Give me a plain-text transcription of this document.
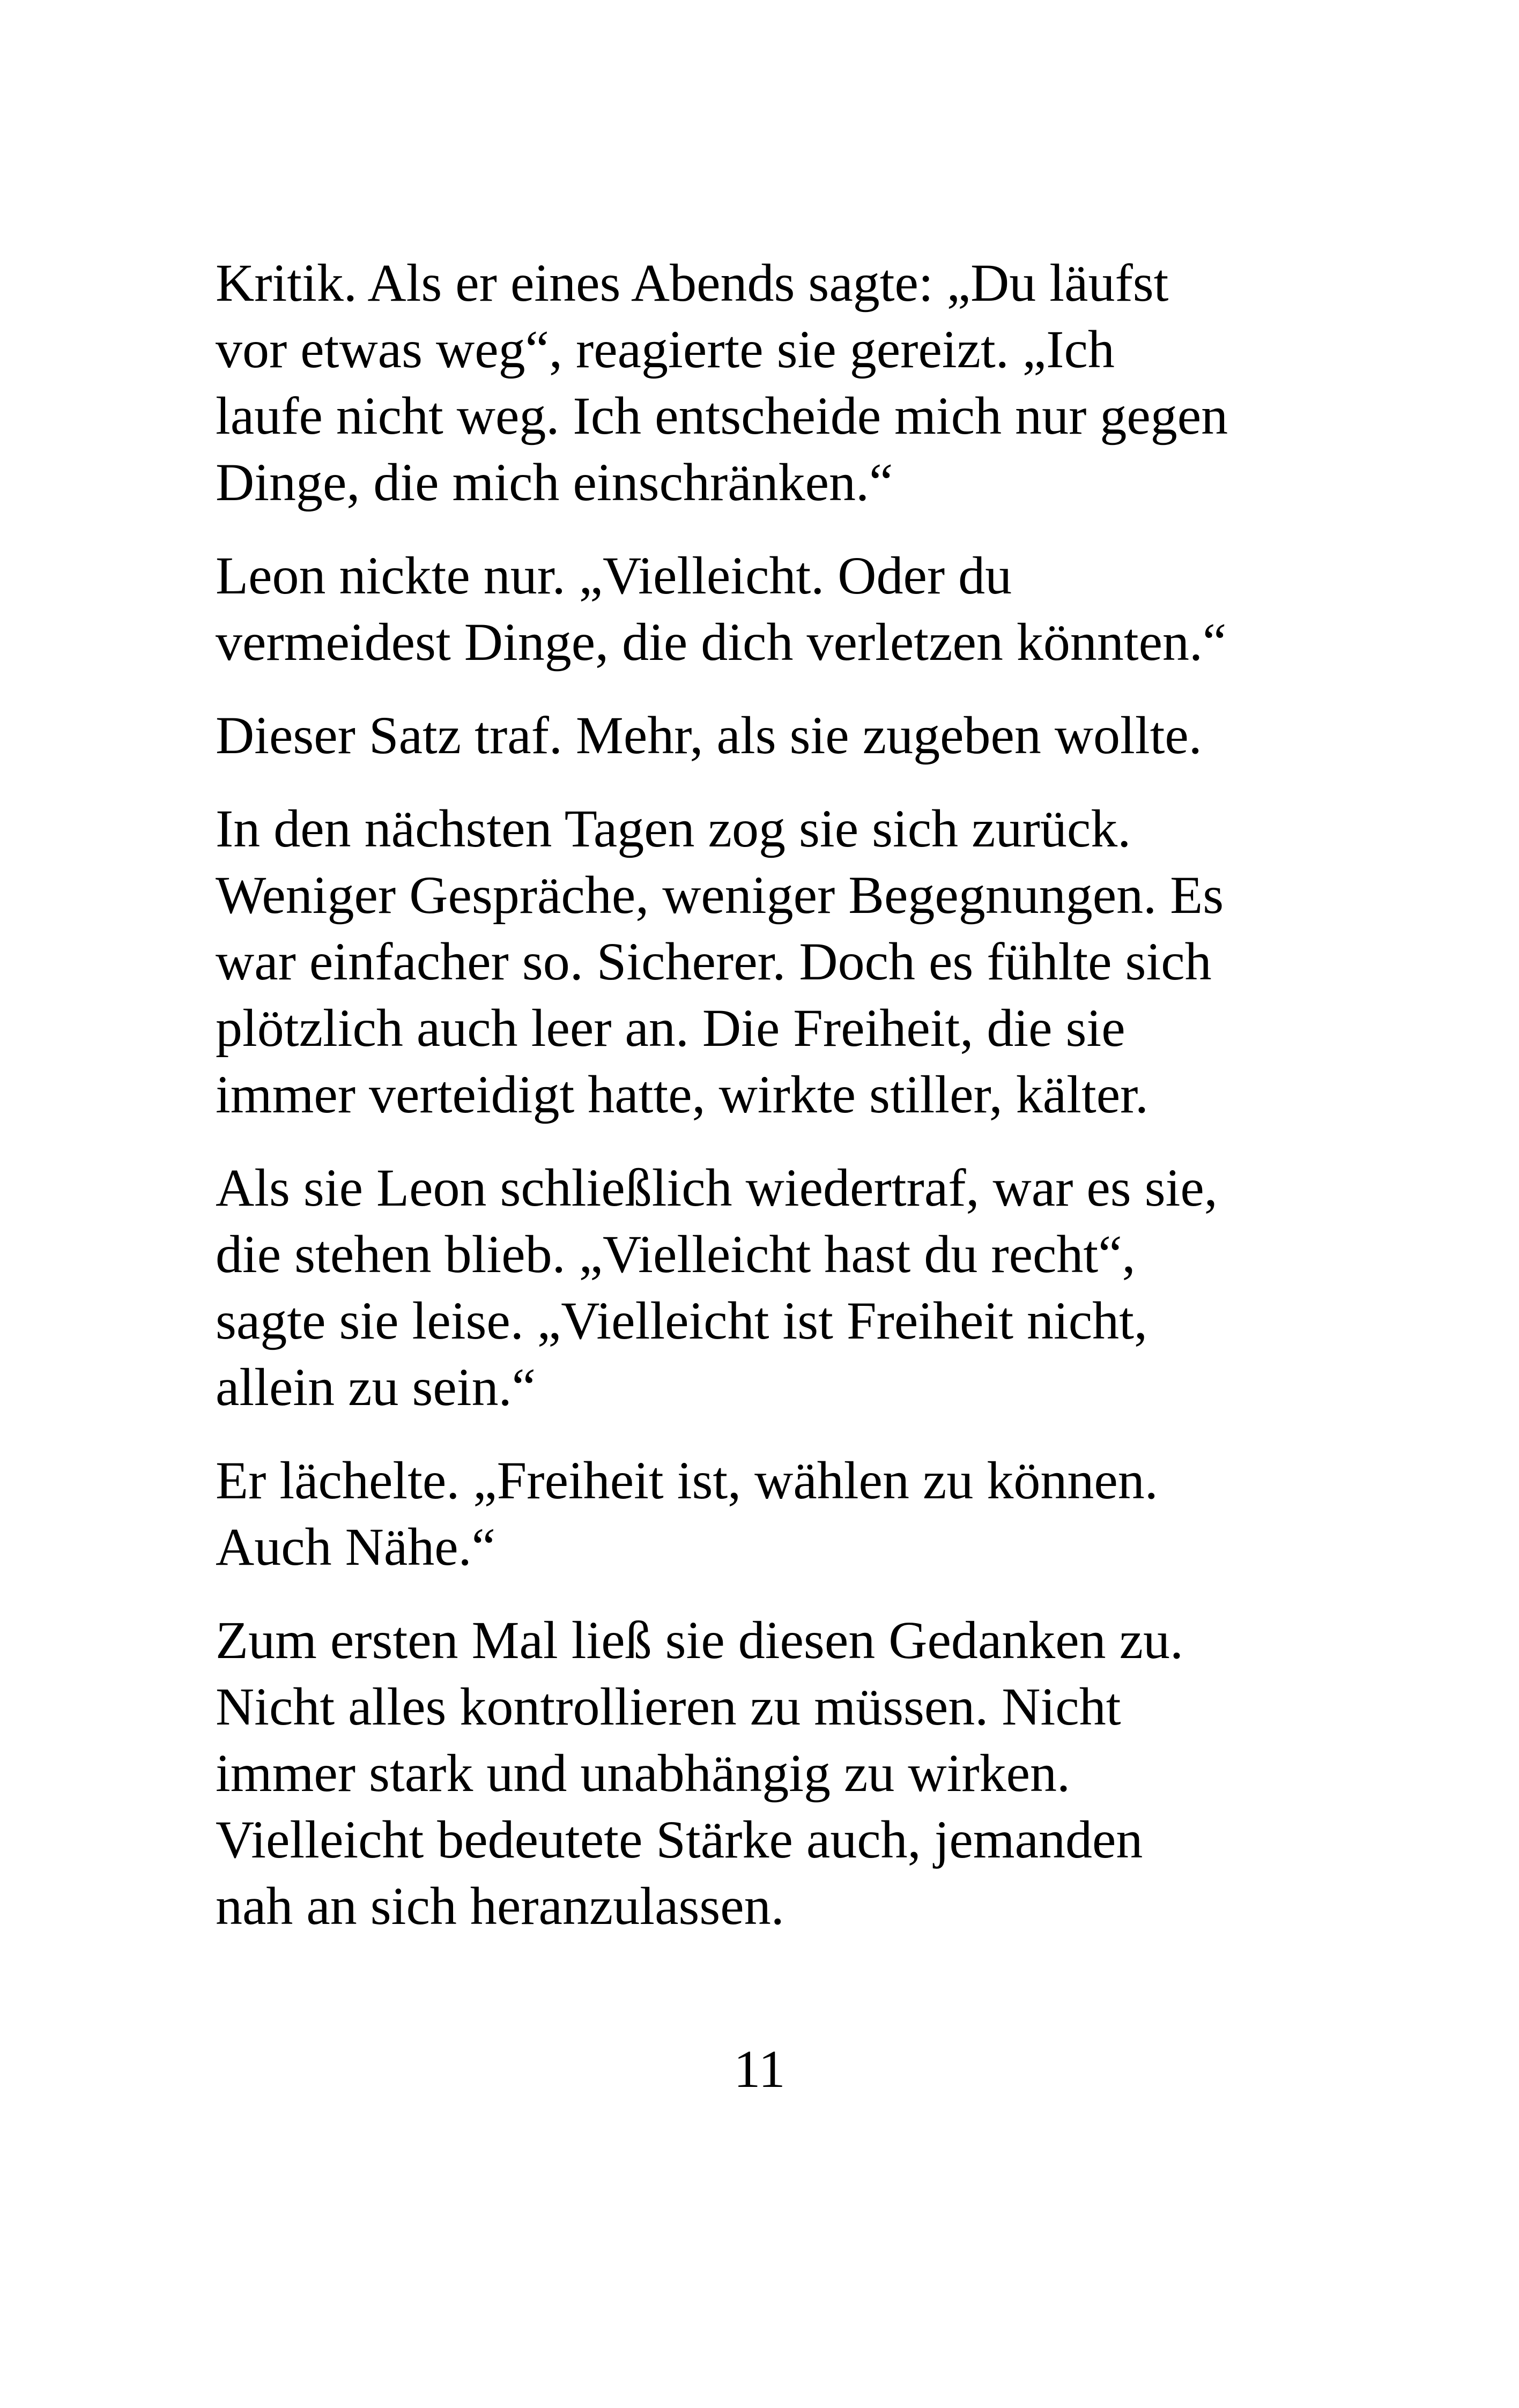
Kritik. Als er eines Abends sagte: „Du läufst
vor etwas weg“, reagierte sie gereizt. „Ich
laufe nicht weg. Ich entscheide mich nur gegen
Dinge, die mich einschränken.“

Leon nickte nur. „Vielleicht. Oder du
vermeidest Dinge, die dich verletzen könnten.“

Dieser Satz traf. Mehr, als sie zugeben wollte.

In den nächsten Tagen zog sie sich zurück.
Weniger Gespräche, weniger Begegnungen. Es
war einfacher so. Sicherer. Doch es fühlte sich
plötzlich auch leer an. Die Freiheit, die sie
immer verteidigt hatte, wirkte stiller, kälter.

Als sie Leon schließlich wiedertraf, war es sie,
die stehen blieb. „Vielleicht hast du recht“,
sagte sie leise. „Vielleicht ist Freiheit nicht,
allein zu sein.“

Er lächelte. „Freiheit ist, wählen zu können.
Auch Nähe.“

Zum ersten Mal ließ sie diesen Gedanken zu.
Nicht alles kontrollieren zu müssen. Nicht
immer stark und unabhängig zu wirken.
Vielleicht bedeutete Stärke auch, jemanden
nah an sich heranzulassen.

11
